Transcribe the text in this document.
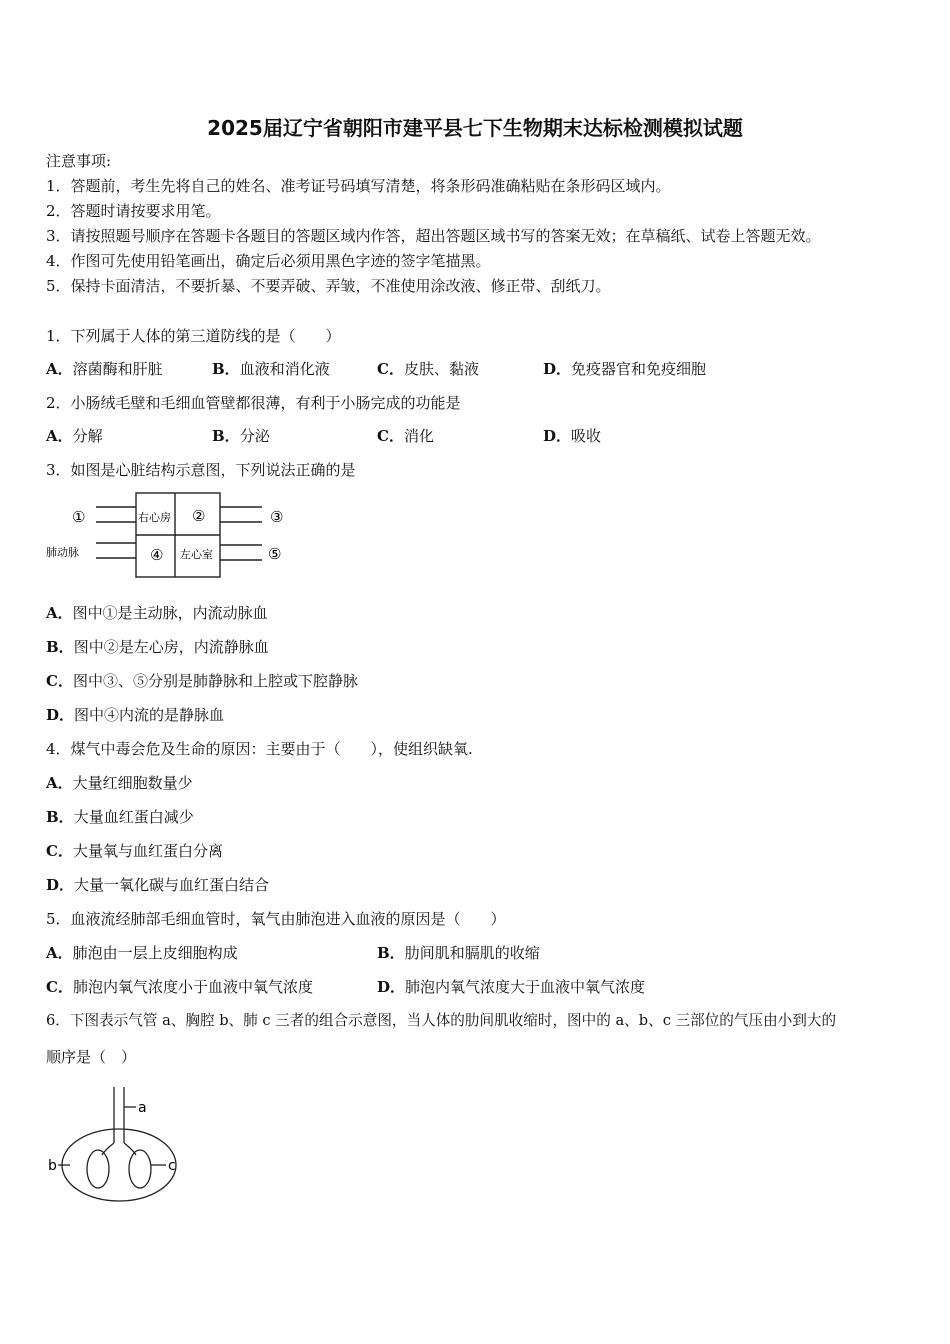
2025届辽宁省朝阳市建平县七下生物期末达标检测模拟试题
注意事项:
1．答题前，考生先将自己的姓名、准考证号码填写清楚，将条形码准确粘贴在条形码区域内。
2．答题时请按要求用笔。
3．请按照题号顺序在答题卡各题目的答题区域内作答，超出答题区域书写的答案无效；在草稿纸、试卷上答题无效。
4．作图可先使用铅笔画出，确定后必须用黑色字迹的签字笔描黑。
5．保持卡面清洁，不要折暴、不要弄破、弄皱，不准使用涂改液、修正带、刮纸刀。
1．下列属于人体的第三道防线的是（　　）
A．溶菌酶和肝脏	B．血液和消化液	C．皮肤、黏液	D．免疫器官和免疫细胞
2．小肠绒毛壁和毛细血管壁都很薄，有利于小肠完成的功能是
A．分解	B．分泌	C．消化	D．吸收
3．如图是心脏结构示意图，下列说法正确的是
①	右心房 ②	③
肺动脉	④ 左心室	⑤
A．图中①是主动脉，内流动脉血
B．图中②是左心房，内流静脉血
C．图中③、⑤分别是肺静脉和上腔或下腔静脉
D．图中④内流的是静脉血
4．煤气中毒会危及生命的原因：主要由于（　　），使组织缺氧.
A．大量红细胞数量少
B．大量血红蛋白减少
C．大量氧与血红蛋白分离
D．大量一氧化碳与血红蛋白结合
5．血液流经肺部毛细血管时，氧气由肺泡进入血液的原因是（　　）
A．肺泡由一层上皮细胞构成	B．肋间肌和膈肌的收缩
C．肺泡内氧气浓度小于血液中氧气浓度	D．肺泡内氧气浓度大于血液中氧气浓度
6．下图表示气管 a、胸腔 b、肺 c 三者的组合示意图，当人体的肋间肌收缩时，图中的 a、b、c 三部位的气压由小到大的
顺序是（　）
a
b	c
